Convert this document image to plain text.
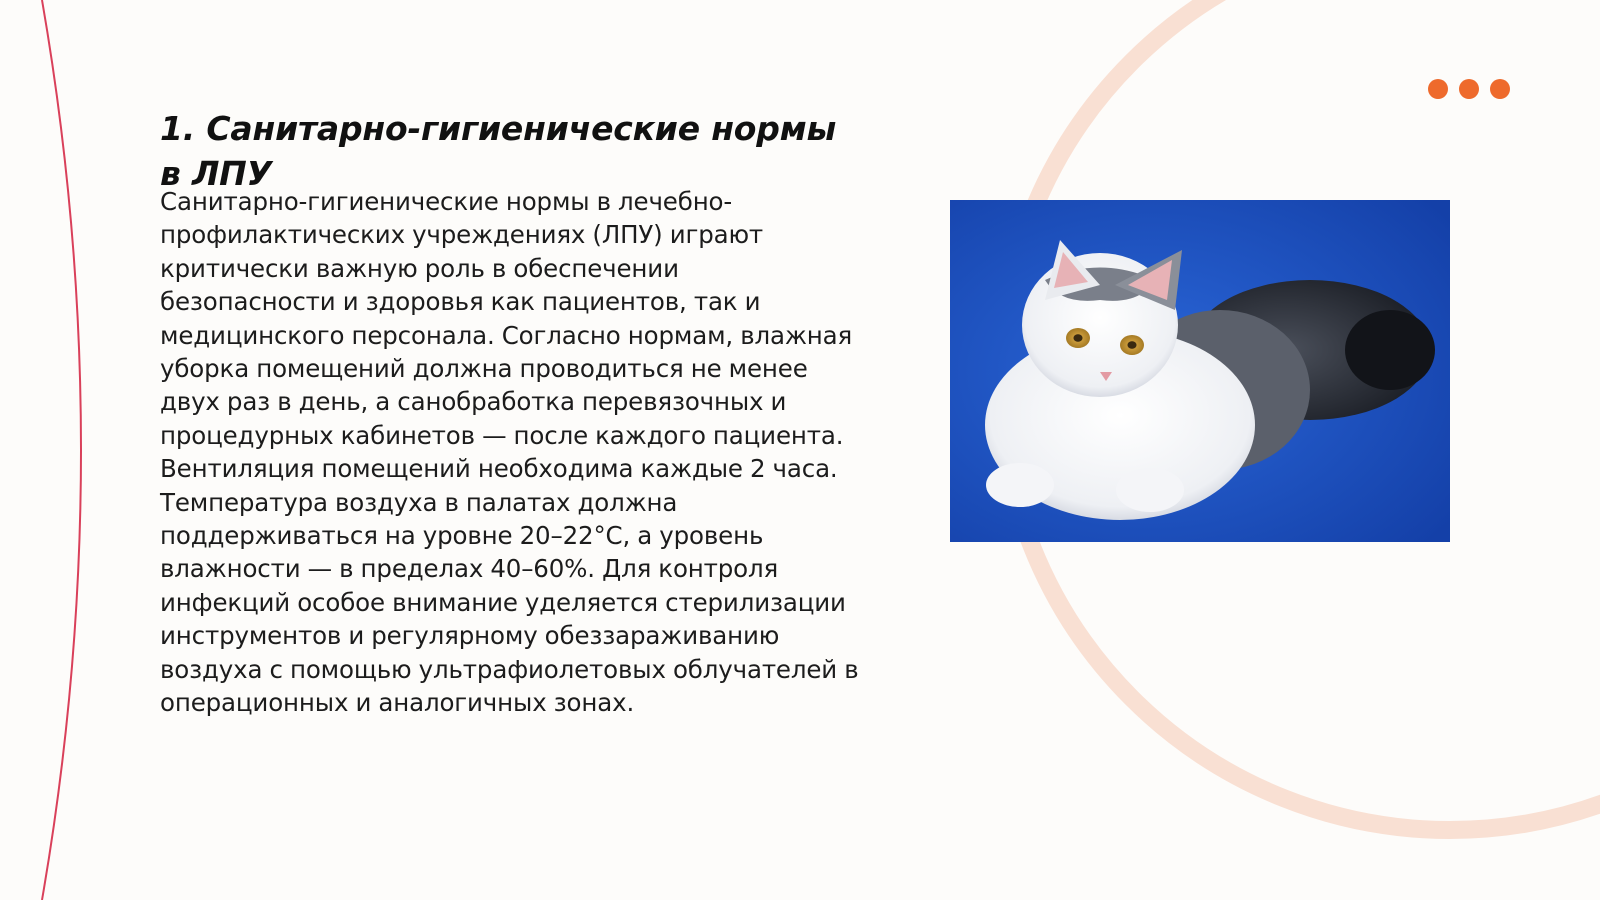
1. Санитарно-гигиенические нормы в ЛПУ

Санитарно-гигиенические нормы в лечебно-профилактических учреждениях (ЛПУ) играют критически важную роль в обеспечении безопасности и здоровья как пациентов, так и медицинского персонала. Согласно нормам, влажная уборка помещений должна проводиться не менее двух раз в день, а санобработка перевязочных и процедурных кабинетов — после каждого пациента. Вентиляция помещений необходима каждые 2 часа. Температура воздуха в палатах должна поддерживаться на уровне 20–22°C, а уровень влажности — в пределах 40–60%. Для контроля инфекций особое внимание уделяется стерилизации инструментов и регулярному обеззараживанию воздуха с помощью ультрафиолетовых облучателей в операционных и аналогичных зонах.
